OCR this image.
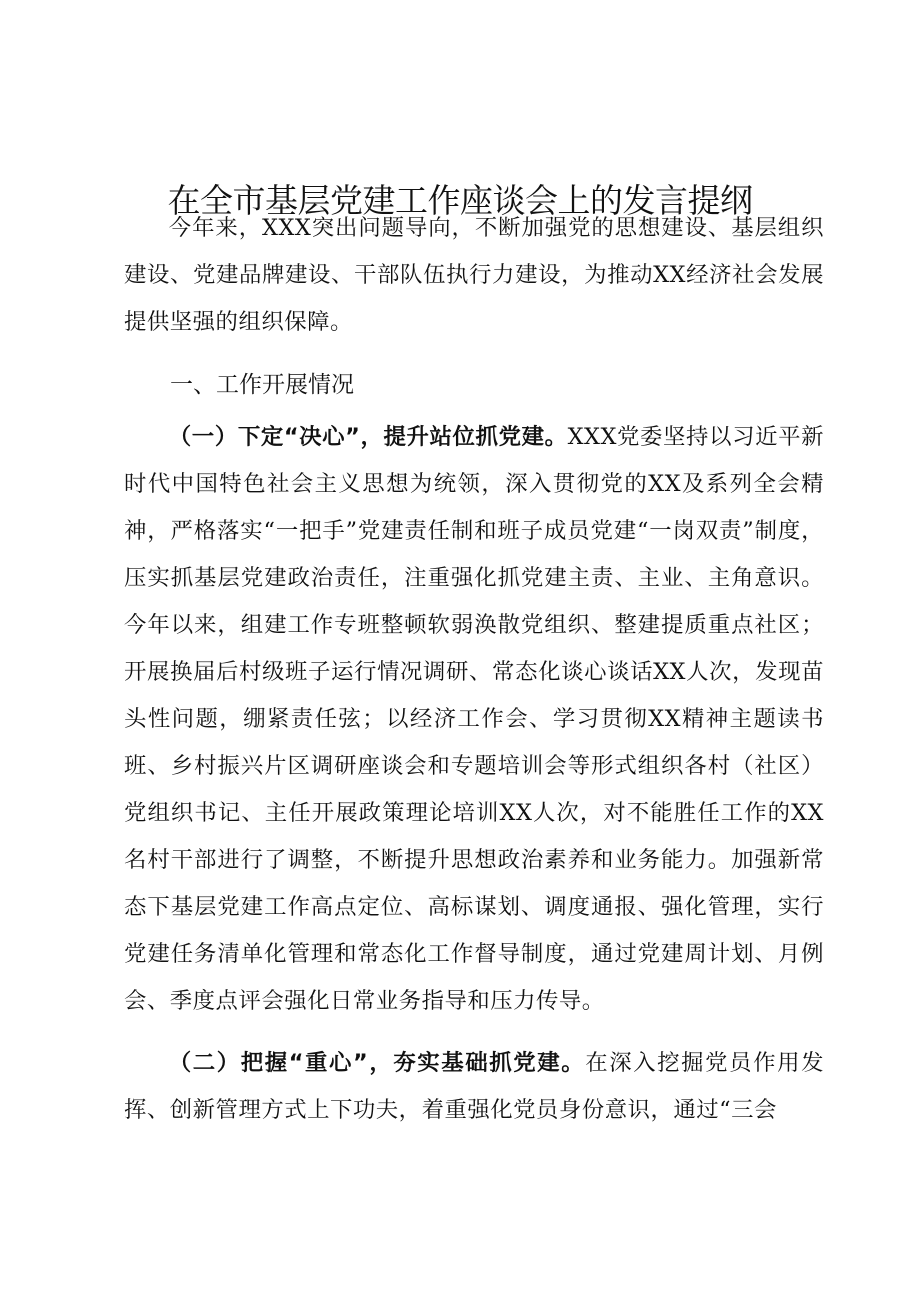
在全市基层党建工作座谈会上的发言提纲

今年来，XXX突出问题导向，不断加强党的思想建设、基层组织建设、党建品牌建设、干部队伍执行力建设，为推动XX经济社会发展提供坚强的组织保障。

一、工作开展情况

（一）下定“决心”，提升站位抓党建。XXX党委坚持以习近平新时代中国特色社会主义思想为统领，深入贯彻党的XX及系列全会精神，严格落实“一把手”党建责任制和班子成员党建“一岗双责”制度，压实抓基层党建政治责任，注重强化抓党建主责、主业、主角意识。今年以来，组建工作专班整顿软弱涣散党组织、整建提质重点社区；开展换届后村级班子运行情况调研、常态化谈心谈话XX人次，发现苗头性问题，绷紧责任弦；以经济工作会、学习贯彻XX精神主题读书班、乡村振兴片区调研座谈会和专题培训会等形式组织各村（社区）党组织书记、主任开展政策理论培训XX人次，对不能胜任工作的XX名村干部进行了调整，不断提升思想政治素养和业务能力。加强新常态下基层党建工作高点定位、高标谋划、调度通报、强化管理，实行党建任务清单化管理和常态化工作督导制度，通过党建周计划、月例会、季度点评会强化日常业务指导和压力传导。

（二）把握“重心”，夯实基础抓党建。在深入挖掘党员作用发挥、创新管理方式上下功夫，着重强化党员身份意识，通过“三会
